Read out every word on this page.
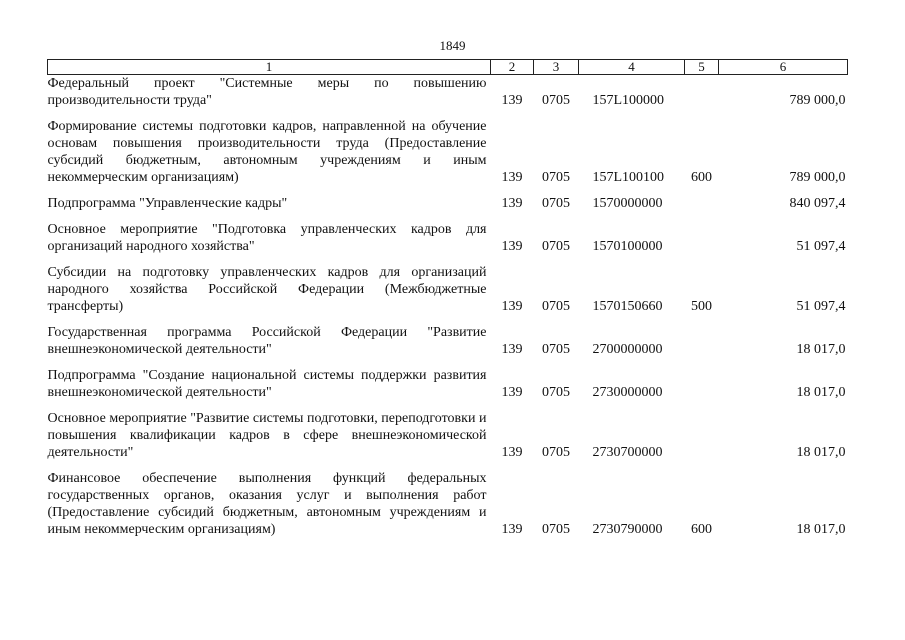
1849
1	2	3	4	5	6

Федеральный проект "Системные меры по повышению производительности труда"	139	0705	157L100000		789 000,0

Формирование системы подготовки кадров, направленной на обучение основам повышения производительности труда (Предоставление субсидий бюджетным, автономным учреждениям и иным некоммерческим организациям)	139	0705	157L100100	600	789 000,0

Подпрограмма "Управленческие кадры"	139	0705	1570000000		840 097,4

Основное мероприятие "Подготовка управленческих кадров для организаций народного хозяйства"	139	0705	1570100000		51 097,4

Субсидии на подготовку управленческих кадров для организаций народного хозяйства Российской Федерации (Межбюджетные трансферты)	139	0705	1570150660	500	51 097,4

Государственная программа Российской Федерации "Развитие внешнеэкономической деятельности"	139	0705	2700000000		18 017,0

Подпрограмма "Создание национальной системы поддержки развития внешнеэкономической деятельности"	139	0705	2730000000		18 017,0

Основное мероприятие "Развитие системы подготовки, переподготовки и повышения квалификации кадров в сфере внешнеэкономической деятельности"	139	0705	2730700000		18 017,0

Финансовое обеспечение выполнения функций федеральных государственных органов, оказания услуг и выполнения работ (Предоставление субсидий бюджетным, автономным учреждениям и иным некоммерческим организациям)	139	0705	2730790000	600	18 017,0
